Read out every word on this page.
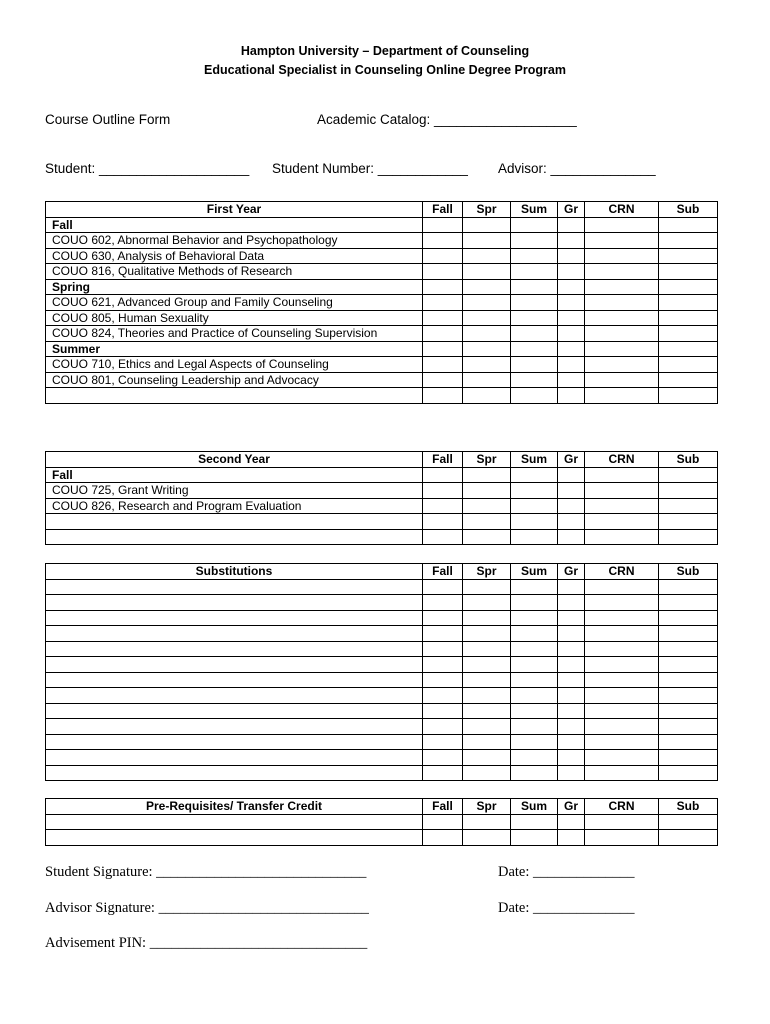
Hampton University – Department of Counseling
Educational Specialist in Counseling Online Degree Program
Course Outline Form	Academic Catalog: ___________________
Student: ____________________ Student Number: ____________ Advisor: ______________
First Year	Fall	Spr	Sum	Gr	CRN	Sub
Fall						
COUO 602, Abnormal Behavior and Psychopathology						
COUO 630, Analysis of Behavioral Data						
COUO 816, Qualitative Methods of Research						
Spring						
COUO 621, Advanced Group and Family Counseling						
COUO 805, Human Sexuality						
COUO 824, Theories and Practice of Counseling Supervision						
Summer						
COUO 710, Ethics and Legal Aspects of Counseling						
COUO 801, Counseling Leadership and Advocacy						

Second Year	Fall	Spr	Sum	Gr	CRN	Sub
Fall						
COUO 725, Grant Writing						
COUO 826, Research and Program Evaluation						

Substitutions	Fall	Spr	Sum	Gr	CRN	Sub

Pre-Requisites/ Transfer Credit	Fall	Spr	Sum	Gr	CRN	Sub

Student Signature: _____________________________	Date: ______________
Advisor Signature: _____________________________	Date: ______________
Advisement PIN: ______________________________
